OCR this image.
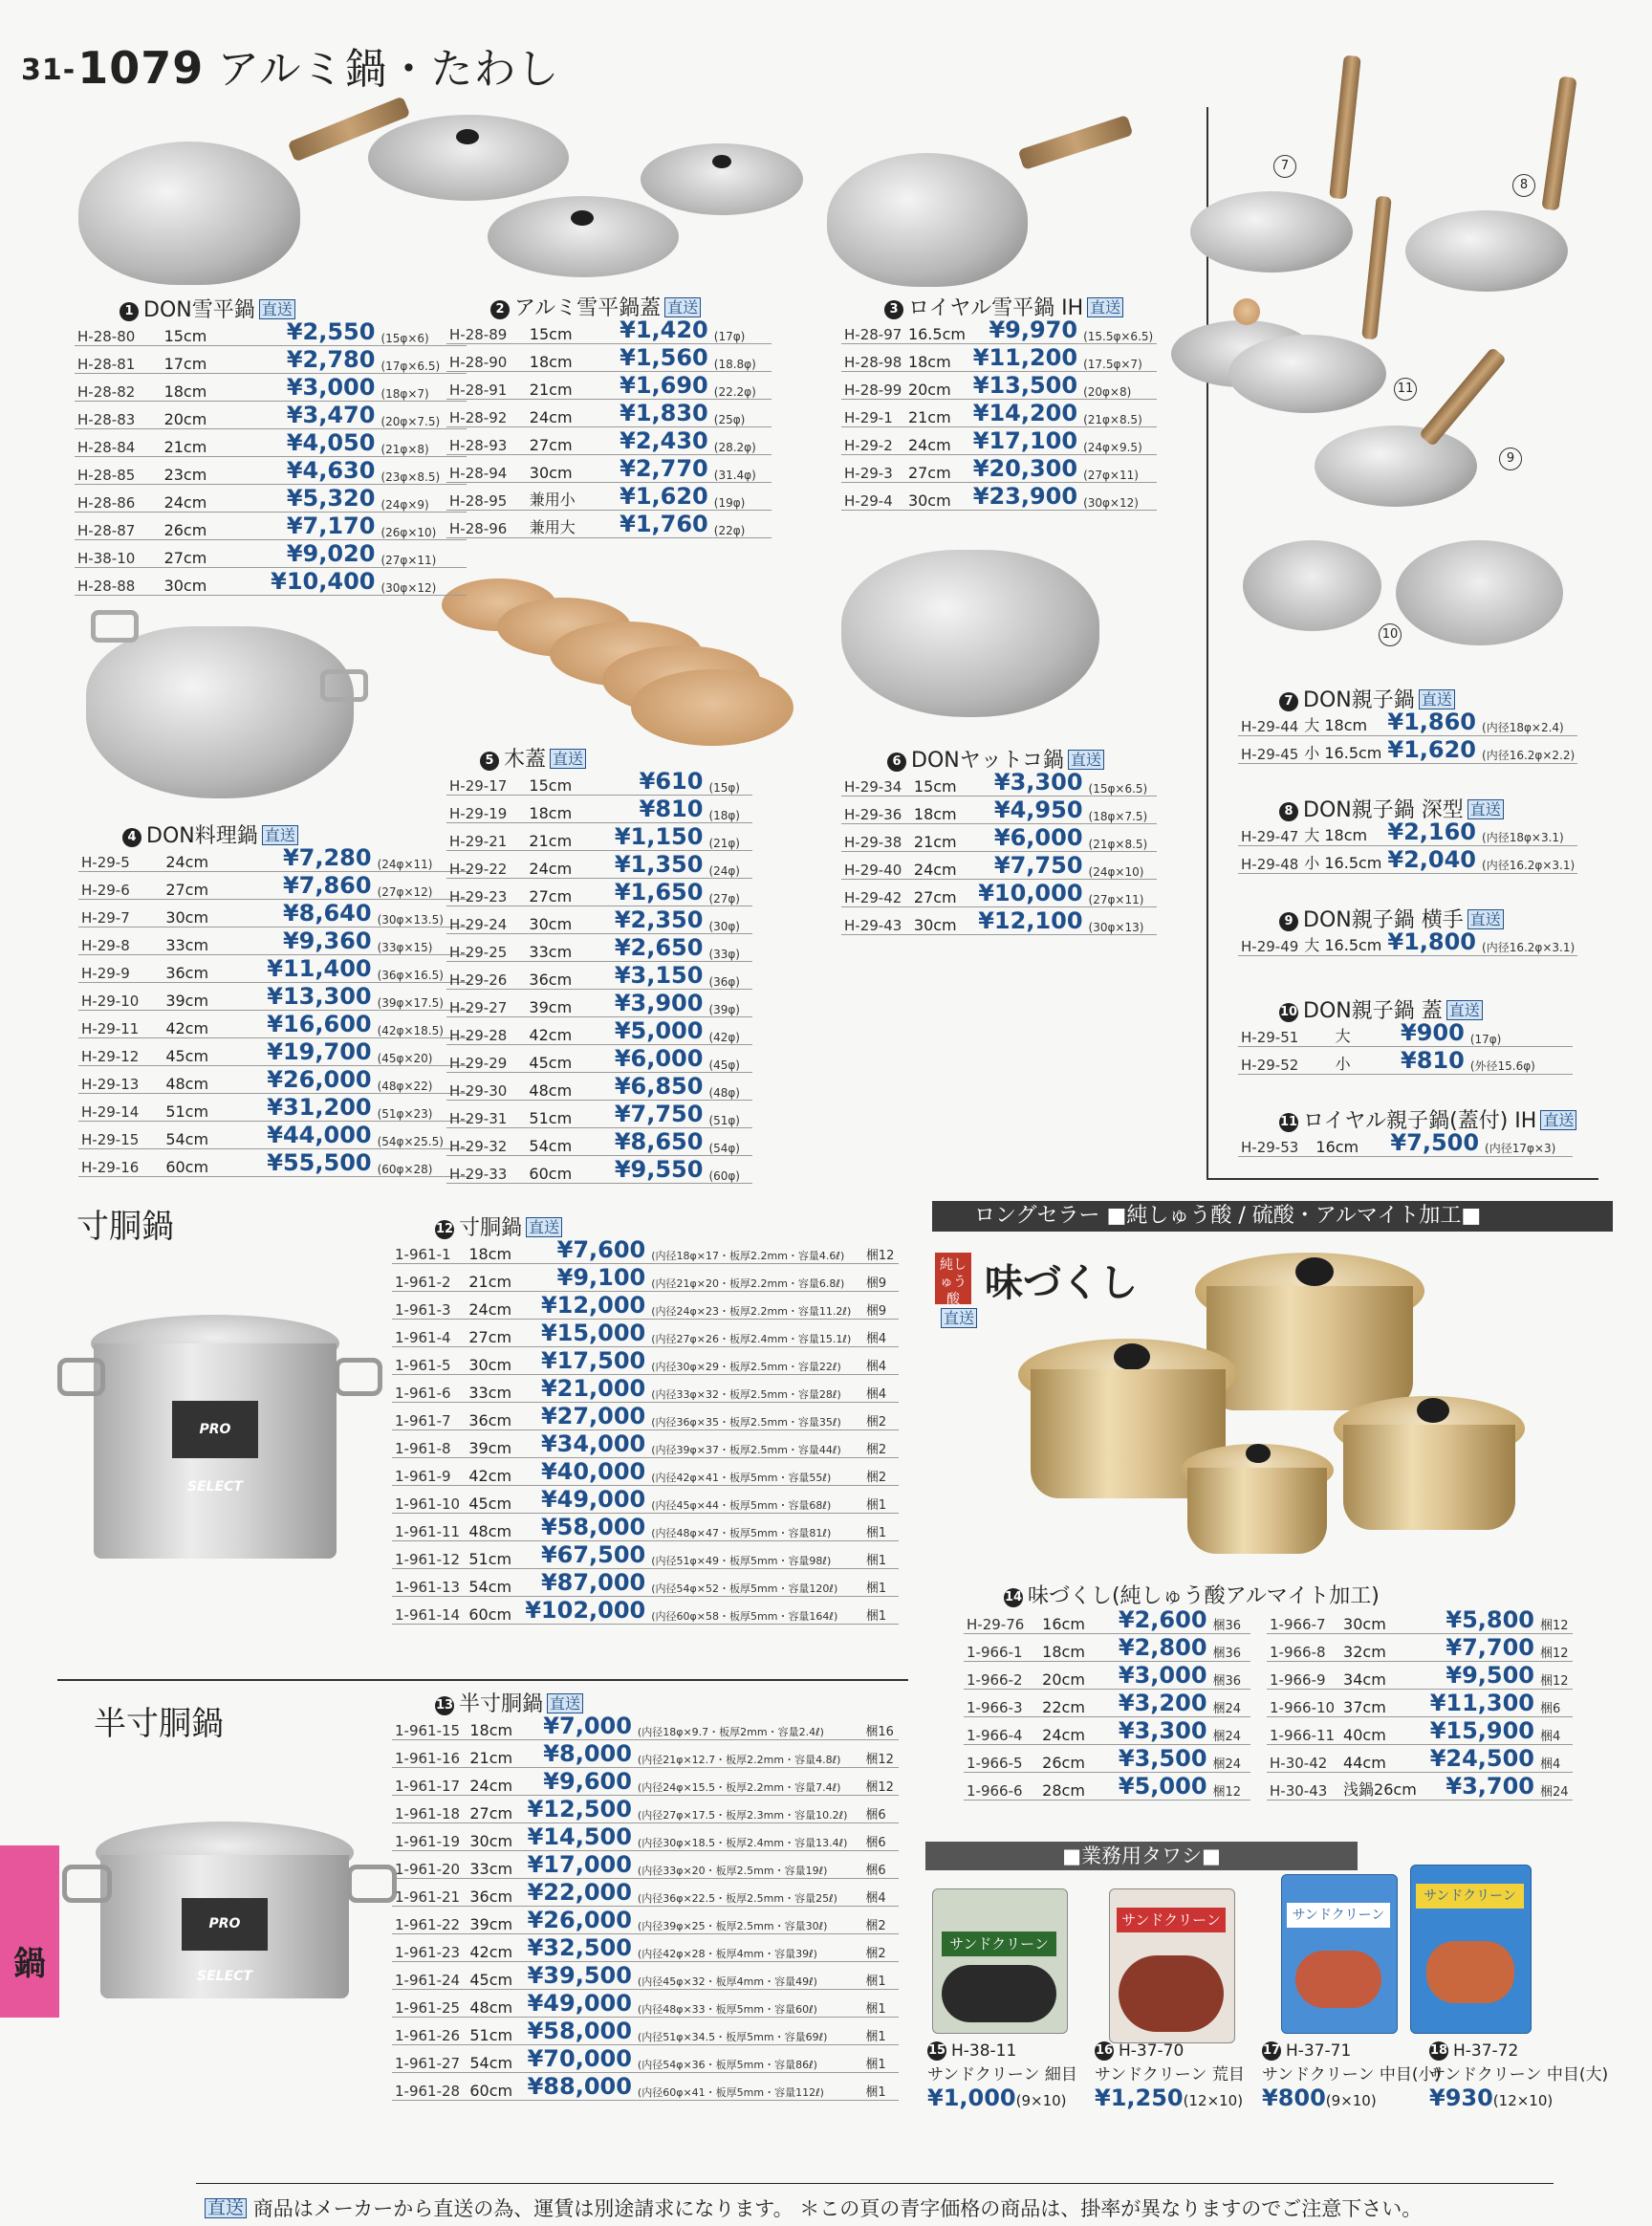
31-1079 アルミ鍋・たわし
7
8
9
10
11
1 DON雪平鍋 直送
H-28-80	15cm	¥2,550	(15φ×6)
H-28-81	17cm	¥2,780	(17φ×6.5)
H-28-82	18cm	¥3,000	(18φ×7)
H-28-83	20cm	¥3,470	(20φ×7.5)
H-28-84	21cm	¥4,050	(21φ×8)
H-28-85	23cm	¥4,630	(23φ×8.5)
H-28-86	24cm	¥5,320	(24φ×9)
H-28-87	26cm	¥7,170	(26φ×10)
H-38-10	27cm	¥9,020	(27φ×11)
H-28-88	30cm	¥10,400	(30φ×12)
2 アルミ雪平鍋蓋 直送
H-28-89	15cm	¥1,420	(17φ)
H-28-90	18cm	¥1,560	(18.8φ)
H-28-91	21cm	¥1,690	(22.2φ)
H-28-92	24cm	¥1,830	(25φ)
H-28-93	27cm	¥2,430	(28.2φ)
H-28-94	30cm	¥2,770	(31.4φ)
H-28-95	兼用小	¥1,620	(19φ)
H-28-96	兼用大	¥1,760	(22φ)
3 ロイヤル雪平鍋 IH 直送
H-28-97	16.5cm	¥9,970	(15.5φ×6.5)
H-28-98	18cm	¥11,200	(17.5φ×7)
H-28-99	20cm	¥13,500	(20φ×8)
H-29-1	21cm	¥14,200	(21φ×8.5)
H-29-2	24cm	¥17,100	(24φ×9.5)
H-29-3	27cm	¥20,300	(27φ×11)
H-29-4	30cm	¥23,900	(30φ×12)
4 DON料理鍋 直送
H-29-5	24cm	¥7,280	(24φ×11)
H-29-6	27cm	¥7,860	(27φ×12)
H-29-7	30cm	¥8,640	(30φ×13.5)
H-29-8	33cm	¥9,360	(33φ×15)
H-29-9	36cm	¥11,400	(36φ×16.5)
H-29-10	39cm	¥13,300	(39φ×17.5)
H-29-11	42cm	¥16,600	(42φ×18.5)
H-29-12	45cm	¥19,700	(45φ×20)
H-29-13	48cm	¥26,000	(48φ×22)
H-29-14	51cm	¥31,200	(51φ×23)
H-29-15	54cm	¥44,000	(54φ×25.5)
H-29-16	60cm	¥55,500	(60φ×28)
5 木蓋 直送
H-29-17	15cm	¥610	(15φ)
H-29-19	18cm	¥810	(18φ)
H-29-21	21cm	¥1,150	(21φ)
H-29-22	24cm	¥1,350	(24φ)
H-29-23	27cm	¥1,650	(27φ)
H-29-24	30cm	¥2,350	(30φ)
H-29-25	33cm	¥2,650	(33φ)
H-29-26	36cm	¥3,150	(36φ)
H-29-27	39cm	¥3,900	(39φ)
H-29-28	42cm	¥5,000	(42φ)
H-29-29	45cm	¥6,000	(45φ)
H-29-30	48cm	¥6,850	(48φ)
H-29-31	51cm	¥7,750	(51φ)
H-29-32	54cm	¥8,650	(54φ)
H-29-33	60cm	¥9,550	(60φ)
6 DONヤットコ鍋 直送
H-29-34	15cm	¥3,300	(15φ×6.5)
H-29-36	18cm	¥4,950	(18φ×7.5)
H-29-38	21cm	¥6,000	(21φ×8.5)
H-29-40	24cm	¥7,750	(24φ×10)
H-29-42	27cm	¥10,000	(27φ×11)
H-29-43	30cm	¥12,100	(30φ×13)
7 DON親子鍋 直送
H-29-44	大 18cm	¥1,860	(内径18φ×2.4)
H-29-45	小 16.5cm	¥1,620	(内径16.2φ×2.2)
8 DON親子鍋 深型 直送
H-29-47	大 18cm	¥2,160	(内径18φ×3.1)
H-29-48	小 16.5cm	¥2,040	(内径16.2φ×3.1)
9 DON親子鍋 横手 直送
H-29-49	大 16.5cm	¥1,800	(内径16.2φ×3.1)
10 DON親子鍋 蓋 直送
H-29-51	大	¥900	(17φ)
H-29-52	小	¥810	(外径15.6φ)
11 ロイヤル親子鍋(蓋付) IH 直送
H-29-53	16cm	¥7,500	(内径17φ×3)
寸胴鍋
PRO SELECT
12 寸胴鍋 直送
1-961-1	18cm	¥7,600	(内径18φ×17・板厚2.2mm・容量4.6ℓ)	梱12
1-961-2	21cm	¥9,100	(内径21φ×20・板厚2.2mm・容量6.8ℓ)	梱9
1-961-3	24cm	¥12,000	(内径24φ×23・板厚2.2mm・容量11.2ℓ)	梱9
1-961-4	27cm	¥15,000	(内径27φ×26・板厚2.4mm・容量15.1ℓ)	梱4
1-961-5	30cm	¥17,500	(内径30φ×29・板厚2.5mm・容量22ℓ)	梱4
1-961-6	33cm	¥21,000	(内径33φ×32・板厚2.5mm・容量28ℓ)	梱4
1-961-7	36cm	¥27,000	(内径36φ×35・板厚2.5mm・容量35ℓ)	梱2
1-961-8	39cm	¥34,000	(内径39φ×37・板厚2.5mm・容量44ℓ)	梱2
1-961-9	42cm	¥40,000	(内径42φ×41・板厚5mm・容量55ℓ)	梱2
1-961-10	45cm	¥49,000	(内径45φ×44・板厚5mm・容量68ℓ)	梱1
1-961-11	48cm	¥58,000	(内径48φ×47・板厚5mm・容量81ℓ)	梱1
1-961-12	51cm	¥67,500	(内径51φ×49・板厚5mm・容量98ℓ)	梱1
1-961-13	54cm	¥87,000	(内径54φ×52・板厚5mm・容量120ℓ)	梱1
1-961-14	60cm	¥102,000	(内径60φ×58・板厚5mm・容量164ℓ)	梱1
半寸胴鍋
PRO SELECT
13 半寸胴鍋 直送
1-961-15	18cm	¥7,000	(内径18φ×9.7・板厚2mm・容量2.4ℓ)	梱16
1-961-16	21cm	¥8,000	(内径21φ×12.7・板厚2.2mm・容量4.8ℓ)	梱12
1-961-17	24cm	¥9,600	(内径24φ×15.5・板厚2.2mm・容量7.4ℓ)	梱12
1-961-18	27cm	¥12,500	(内径27φ×17.5・板厚2.3mm・容量10.2ℓ)	梱6
1-961-19	30cm	¥14,500	(内径30φ×18.5・板厚2.4mm・容量13.4ℓ)	梱6
1-961-20	33cm	¥17,000	(内径33φ×20・板厚2.5mm・容量19ℓ)	梱6
1-961-21	36cm	¥22,000	(内径36φ×22.5・板厚2.5mm・容量25ℓ)	梱4
1-961-22	39cm	¥26,000	(内径39φ×25・板厚2.5mm・容量30ℓ)	梱2
1-961-23	42cm	¥32,500	(内径42φ×28・板厚4mm・容量39ℓ)	梱2
1-961-24	45cm	¥39,500	(内径45φ×32・板厚4mm・容量49ℓ)	梱1
1-961-25	48cm	¥49,000	(内径48φ×33・板厚5mm・容量60ℓ)	梱1
1-961-26	51cm	¥58,000	(内径51φ×34.5・板厚5mm・容量69ℓ)	梱1
1-961-27	54cm	¥70,000	(内径54φ×36・板厚5mm・容量86ℓ)	梱1
1-961-28	60cm	¥88,000	(内径60φ×41・板厚5mm・容量112ℓ)	梱1
ロングセラー ■純しゅう酸 / 硫酸・アルマイト加工■
純しゅう酸 味づくし
直送
14 味づくし(純しゅう酸アルマイト加工)
H-29-76	16cm	¥2,600	梱36
1-966-1	18cm	¥2,800	梱36
1-966-2	20cm	¥3,000	梱36
1-966-3	22cm	¥3,200	梱24
1-966-4	24cm	¥3,300	梱24
1-966-5	26cm	¥3,500	梱24
1-966-6	28cm	¥5,000	梱12
1-966-7	30cm	¥5,800	梱12
1-966-8	32cm	¥7,700	梱12
1-966-9	34cm	¥9,500	梱12
1-966-10	37cm	¥11,300	梱6
1-966-11	40cm	¥15,900	梱4
H-30-42	44cm	¥24,500	梱4
H-30-43	浅鍋26cm	¥3,700	梱24
■業務用タワシ■
サンドクリーン
サンドクリーン	サンドクリーン
サンドクリーン
15 H-38-11
サンドクリーン 細目
¥1,000(9×10)
16 H-37-70
サンドクリーン 荒目
¥1,250(12×10)
17 H-37-71
サンドクリーン 中目(小)
¥800(9×10)
18 H-37-72
サンドクリーン 中目(大)
¥930(12×10)
鍋
直送 商品はメーカーから直送の為、運賃は別途請求になります。 ＊この頁の青字価格の商品は、掛率が異なりますのでご注意下さい。
